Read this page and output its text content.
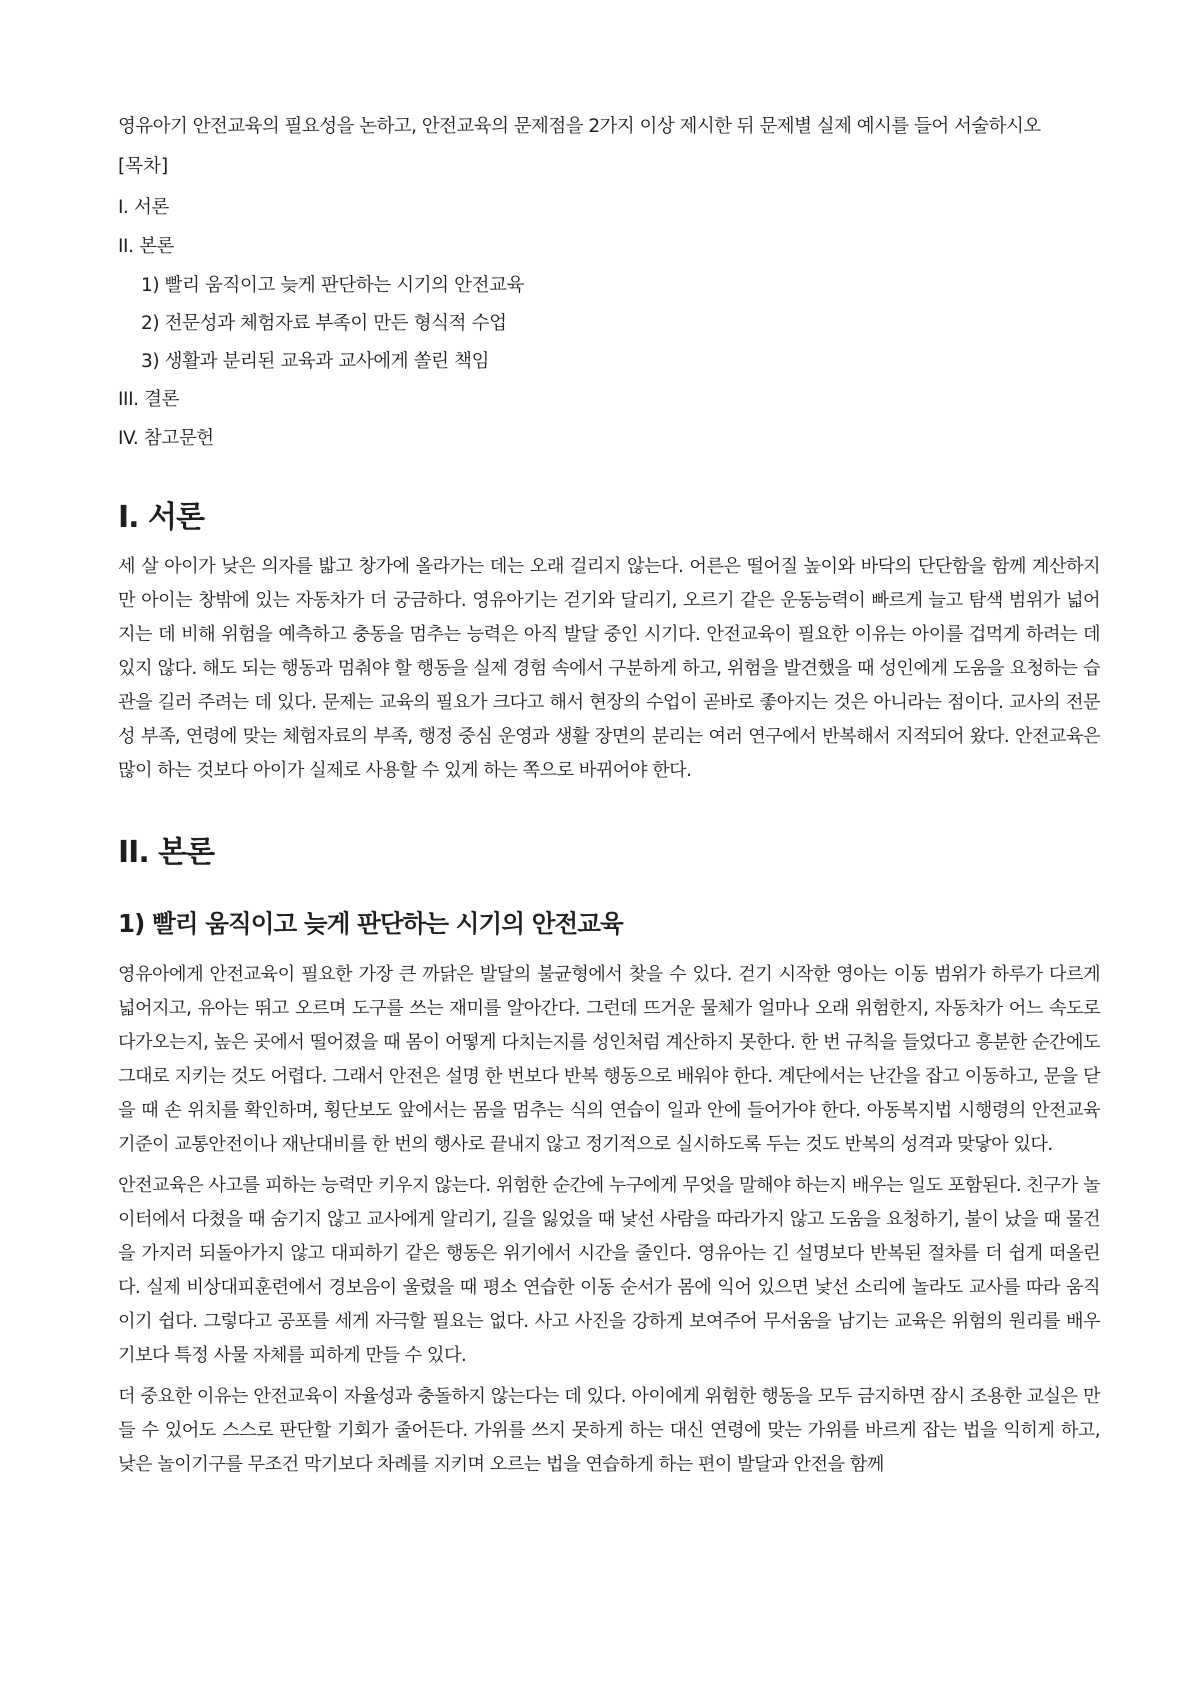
영유아기 안전교육의 필요성을 논하고, 안전교육의 문제점을 2가지 이상 제시한 뒤 문제별 실제 예시를 들어 서술하시오

[목차]
I. 서론
II. 본론
1) 빨리 움직이고 늦게 판단하는 시기의 안전교육
2) 전문성과 체험자료 부족이 만든 형식적 수업
3) 생활과 분리된 교육과 교사에게 쏠린 책임
III. 결론
IV. 참고문헌
I. 서론

세 살 아이가 낮은 의자를 밟고 창가에 올라가는 데는 오래 걸리지 않는다. 어른은 떨어질 높이와 바닥의 단단함을 함께 계산하지만 아이는 창밖에 있는 자동차가 더 궁금하다. 영유아기는 걷기와 달리기, 오르기 같은 운동능력이 빠르게 늘고 탐색 범위가 넓어지는 데 비해 위험을 예측하고 충동을 멈추는 능력은 아직 발달 중인 시기다. 안전교육이 필요한 이유는 아이를 겁먹게 하려는 데 있지 않다. 해도 되는 행동과 멈춰야 할 행동을 실제 경험 속에서 구분하게 하고, 위험을 발견했을 때 성인에게 도움을 요청하는 습관을 길러 주려는 데 있다. 문제는 교육의 필요가 크다고 해서 현장의 수업이 곧바로 좋아지는 것은 아니라는 점이다. 교사의 전문성 부족, 연령에 맞는 체험자료의 부족, 행정 중심 운영과 생활 장면의 분리는 여러 연구에서 반복해서 지적되어 왔다. 안전교육은 많이 하는 것보다 아이가 실제로 사용할 수 있게 하는 쪽으로 바뀌어야 한다.

II. 본론
1) 빨리 움직이고 늦게 판단하는 시기의 안전교육

영유아에게 안전교육이 필요한 가장 큰 까닭은 발달의 불균형에서 찾을 수 있다. 걷기 시작한 영아는 이동 범위가 하루가 다르게 넓어지고, 유아는 뛰고 오르며 도구를 쓰는 재미를 알아간다. 그런데 뜨거운 물체가 얼마나 오래 위험한지, 자동차가 어느 속도로 다가오는지, 높은 곳에서 떨어졌을 때 몸이 어떻게 다치는지를 성인처럼 계산하지 못한다. 한 번 규칙을 들었다고 흥분한 순간에도 그대로 지키는 것도 어렵다. 그래서 안전은 설명 한 번보다 반복 행동으로 배워야 한다. 계단에서는 난간을 잡고 이동하고, 문을 닫을 때 손 위치를 확인하며, 횡단보도 앞에서는 몸을 멈추는 식의 연습이 일과 안에 들어가야 한다. 아동복지법 시행령의 안전교육 기준이 교통안전이나 재난대비를 한 번의 행사로 끝내지 않고 정기적으로 실시하도록 두는 것도 반복의 성격과 맞닿아 있다.

안전교육은 사고를 피하는 능력만 키우지 않는다. 위험한 순간에 누구에게 무엇을 말해야 하는지 배우는 일도 포함된다. 친구가 놀이터에서 다쳤을 때 숨기지 않고 교사에게 알리기, 길을 잃었을 때 낯선 사람을 따라가지 않고 도움을 요청하기, 불이 났을 때 물건을 가지러 되돌아가지 않고 대피하기 같은 행동은 위기에서 시간을 줄인다. 영유아는 긴 설명보다 반복된 절차를 더 쉽게 떠올린다. 실제 비상대피훈련에서 경보음이 울렸을 때 평소 연습한 이동 순서가 몸에 익어 있으면 낯선 소리에 놀라도 교사를 따라 움직이기 쉽다. 그렇다고 공포를 세게 자극할 필요는 없다. 사고 사진을 강하게 보여주어 무서움을 남기는 교육은 위험의 원리를 배우기보다 특정 사물 자체를 피하게 만들 수 있다.

더 중요한 이유는 안전교육이 자율성과 충돌하지 않는다는 데 있다. 아이에게 위험한 행동을 모두 금지하면 잠시 조용한 교실은 만들 수 있어도 스스로 판단할 기회가 줄어든다. 가위를 쓰지 못하게 하는 대신 연령에 맞는 가위를 바르게 잡는 법을 익히게 하고, 낮은 놀이기구를 무조건 막기보다 차례를 지키며 오르는 법을 연습하게 하는 편이 발달과 안전을 함께
